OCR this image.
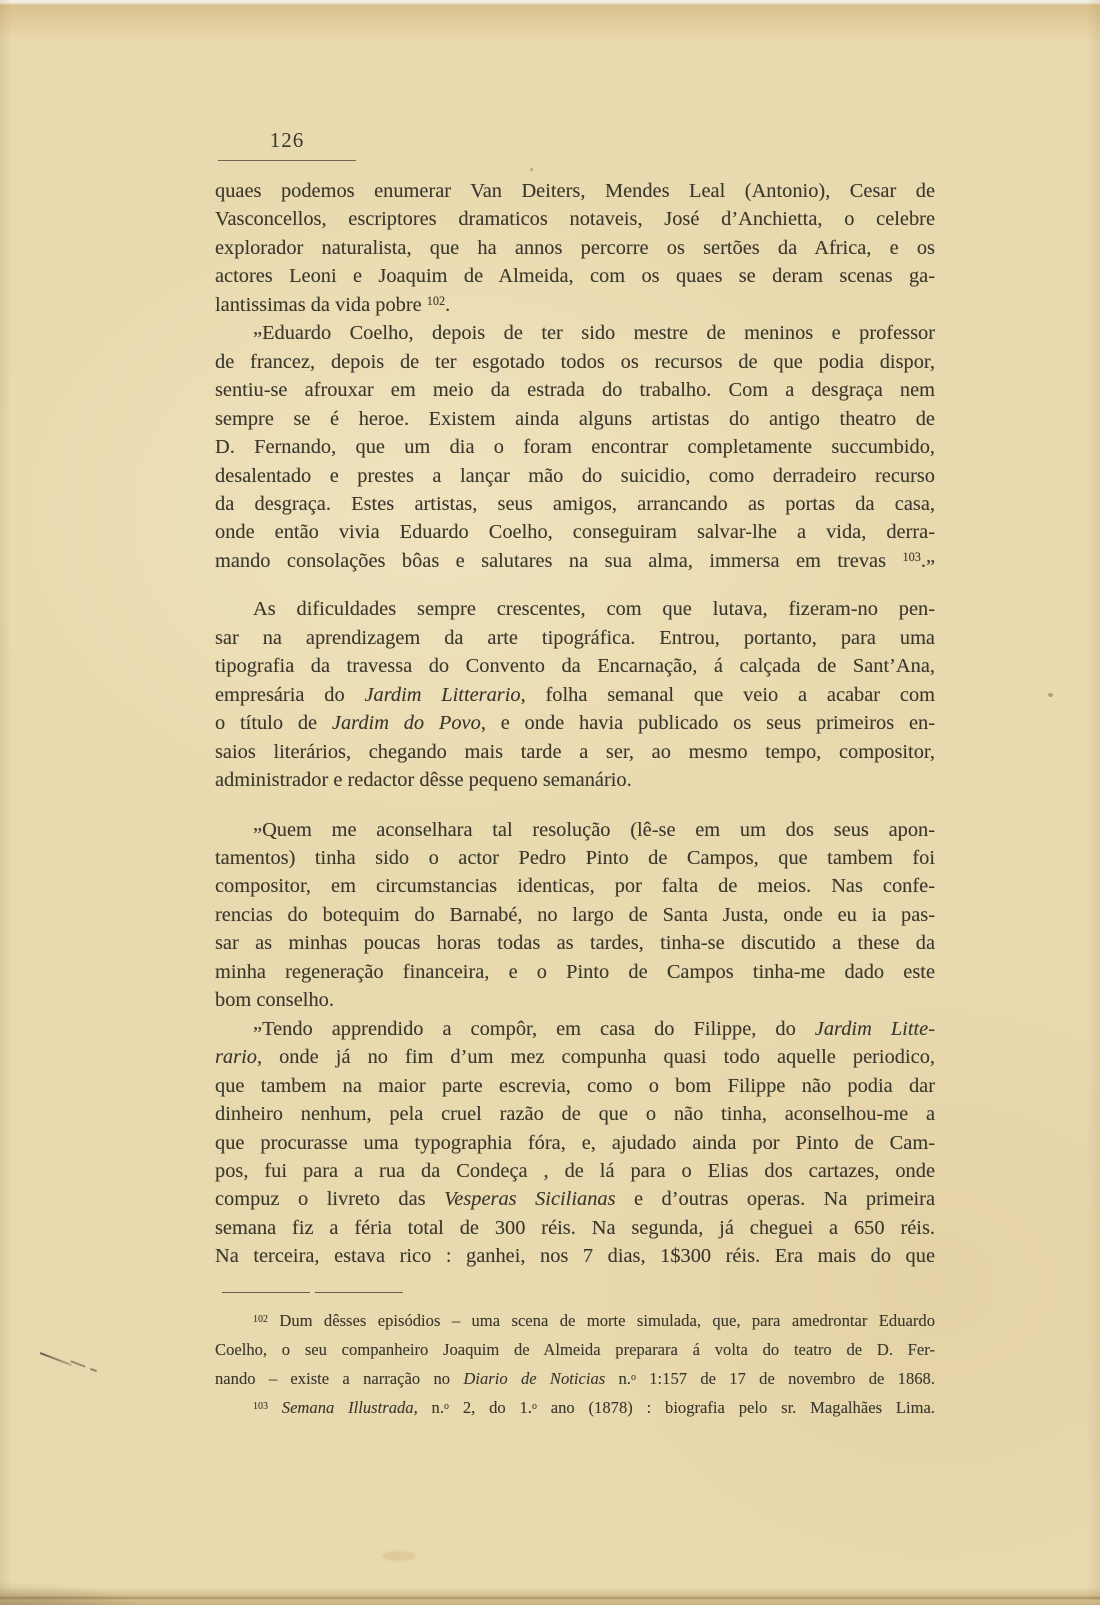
126
quaes podemos enumerar Van Deiters, Mendes Leal (Antonio), Cesar de
Vasconcellos, escriptores dramaticos notaveis, José d’Anchietta, o celebre
explorador naturalista, que ha annos percorre os sertões da Africa, e os
actores Leoni e Joaquim de Almeida, com os quaes se deram scenas ga-
lantissimas da vida pobre $^{102}$.
„Eduardo Coelho, depois de ter sido mestre de meninos e professor
de francez, depois de ter esgotado todos os recursos de que podia dispor,
sentiu-se afrouxar em meio da estrada do trabalho. Com a desgraça nem
sempre se é heroe. Existem ainda alguns artistas do antigo theatro de
D. Fernando, que um dia o foram encontrar completamente succumbido,
desalentado e prestes a lançar mão do suicidio, como derradeiro recurso
da desgraça. Estes artistas, seus amigos, arrancando as portas da casa,
onde então vivia Eduardo Coelho, conseguiram salvar-lhe a vida, derra-
mando consolações bôas e salutares na sua alma, immersa em trevas $^{103}$.„
As dificuldades sempre crescentes, com que lutava, fizeram-no pen-
sar na aprendizagem da arte tipográfica. Entrou, portanto, para uma
tipografia da travessa do Convento da Encarnação, á calçada de Sant’Ana,
empresária do Jardim Litterario, folha semanal que veio a acabar com
o título de Jardim do Povo, e onde havia publicado os seus primeiros en-
saios literários, chegando mais tarde a ser, ao mesmo tempo, compositor,
administrador e redactor dêsse pequeno semanário.
„Quem me aconselhara tal resolução (lê-se em um dos seus apon-
tamentos) tinha sido o actor Pedro Pinto de Campos, que tambem foi
compositor, em circumstancias identicas, por falta de meios. Nas confe-
rencias do botequim do Barnabé, no largo de Santa Justa, onde eu ia pas-
sar as minhas poucas horas todas as tardes, tinha-se discutido a these da
minha regeneração financeira, e o Pinto de Campos tinha-me dado este
bom conselho.
„Tendo apprendido a compôr, em casa do Filippe, do Jardim Litte-
rario, onde já no fim d’um mez compunha quasi todo aquelle periodico,
que tambem na maior parte escrevia, como o bom Filippe não podia dar
dinheiro nenhum, pela cruel razão de que o não tinha, aconselhou-me a
que procurasse uma typographia fóra, e, ajudado ainda por Pinto de Cam-
pos, fui para a rua da Condeça , de lá para o Elias dos cartazes, onde
compuz o livreto das Vesperas Sicilianas e d’outras operas. Na primeira
semana fiz a féria total de 300 réis. Na segunda, já cheguei a 650 réis.
Na terceira, estava rico : ganhei, nos 7 dias, 1$300 réis. Era mais do que
$^{102}$ Dum dêsses episódios – uma scena de morte simulada, que, para amedrontar Eduardo
Coelho, o seu companheiro Joaquim de Almeida preparara á volta do teatro de D. Fer-
nando – existe a narração no Diario de Noticias n.$^o$ 1:157 de 17 de novembro de 1868.
$^{103}$ Semana Illustrada, n.$^o$ 2, do 1.$^o$ ano (1878) : biografia pelo sr. Magalhães Lima.
